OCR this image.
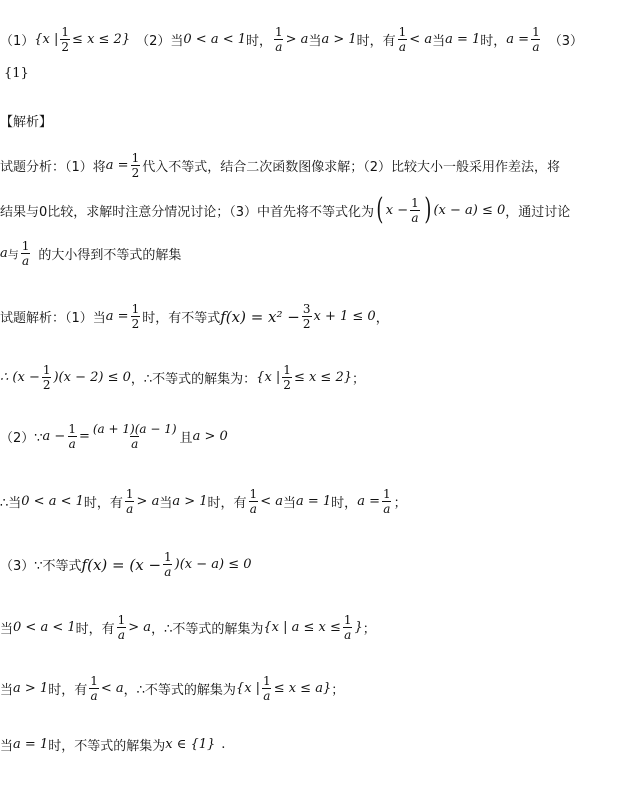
（1） {x | $\frac{1}{2} \le x \le 2$} （2）当 0 < a < 1 时， $\frac{1}{a} > a$ 当 a > 1 时，有 $\frac{1}{a} < a$ 当 a = 1 时， $a = \frac{1}{a} (3)$
{1}
【解析】
试题分析：（1）将 $a = \frac{1}{2}$ 代入不等式，结合二次函数图像求解；（2）比较大小一般采用作差法，将
结果与0比较，求解时注意分情况讨论；（3）中首先将不等式化为 ( $x - \frac{1}{a}$ ) (x − a) ≤ 0 ，通过讨论
a 与 $\frac{1}{a}$ 的大小得到不等式的解集
试题解析：（1）当 $a = \frac{1}{2}$ 时，有不等式 $f(x) = x^2 - \frac{3}{2}$ x + 1 ≤ 0 ，
∴ $(x - \frac{1}{2} )(x - 2) \le 0$ ，∴不等式的解集为： {x | $\frac{1}{2} \le x \le 2$} ；
（2）∵ $a - \frac{1}{a} = \frac{(a + 1)(a - 1)}{a}$ 且 a > 0
∴当 0 < a < 1 时，有 $\frac{1}{a} > a$ 当 a > 1 时，有 $\frac{1}{a} < a$ 当 a = 1 时， $a = \frac{1}{a}$ ；
（3）∵不等式 $f(x) = (x - \frac{1}{a} )(x - a) \le 0$
当 0 < a < 1 时，有 $\frac{1}{a} > a$ ，∴不等式的解集为 {x | $a \le x \le \frac{1}{a}$ } ；
当 a > 1 时，有 $\frac{1}{a} < a$ ，∴不等式的解集为 {x | $\frac{1}{a} \le x \le a$} ；
当 a = 1 时，不等式的解集为 x ∈ {1} .
